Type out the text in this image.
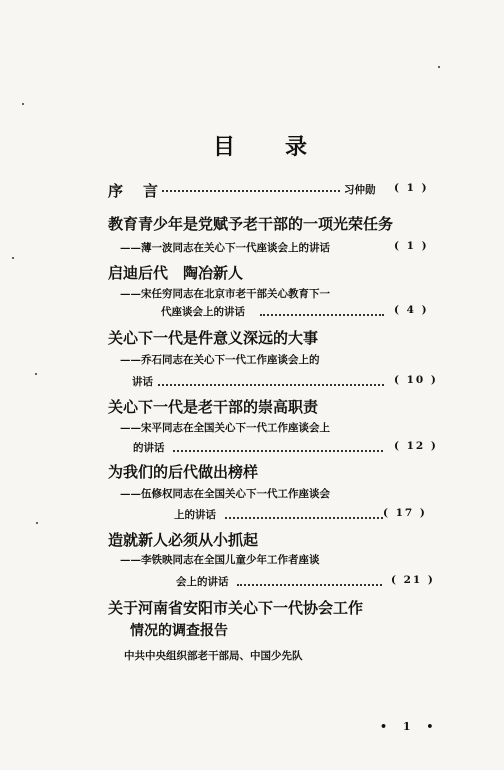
目 录
序 言	习仲勋 ( 1 )
教育青少年是党赋予老干部的一项光荣任务
——薄一波同志在关心下一代座谈会上的讲话	( 1 )
启迪后代　陶冶新人
——宋任穷同志在北京市老干部关心教育下一
代座谈会上的讲话	( 4 )
关心下一代是件意义深远的大事
——乔石同志在关心下一代工作座谈会上的
讲话	( 10 )
关心下一代是老干部的崇高职责
——宋平同志在全国关心下一代工作座谈会上
的讲话	( 12 )
为我们的后代做出榜样
——伍修权同志在全国关心下一代工作座谈会
上的讲话	( 17 )
造就新人必须从小抓起
——李铁映同志在全国儿童少年工作者座谈
会上的讲话	( 21 )
关于河南省安阳市关心下一代协会工作
情况的调查报告
中共中央组织部老干部局、中国少先队
• 1 •
